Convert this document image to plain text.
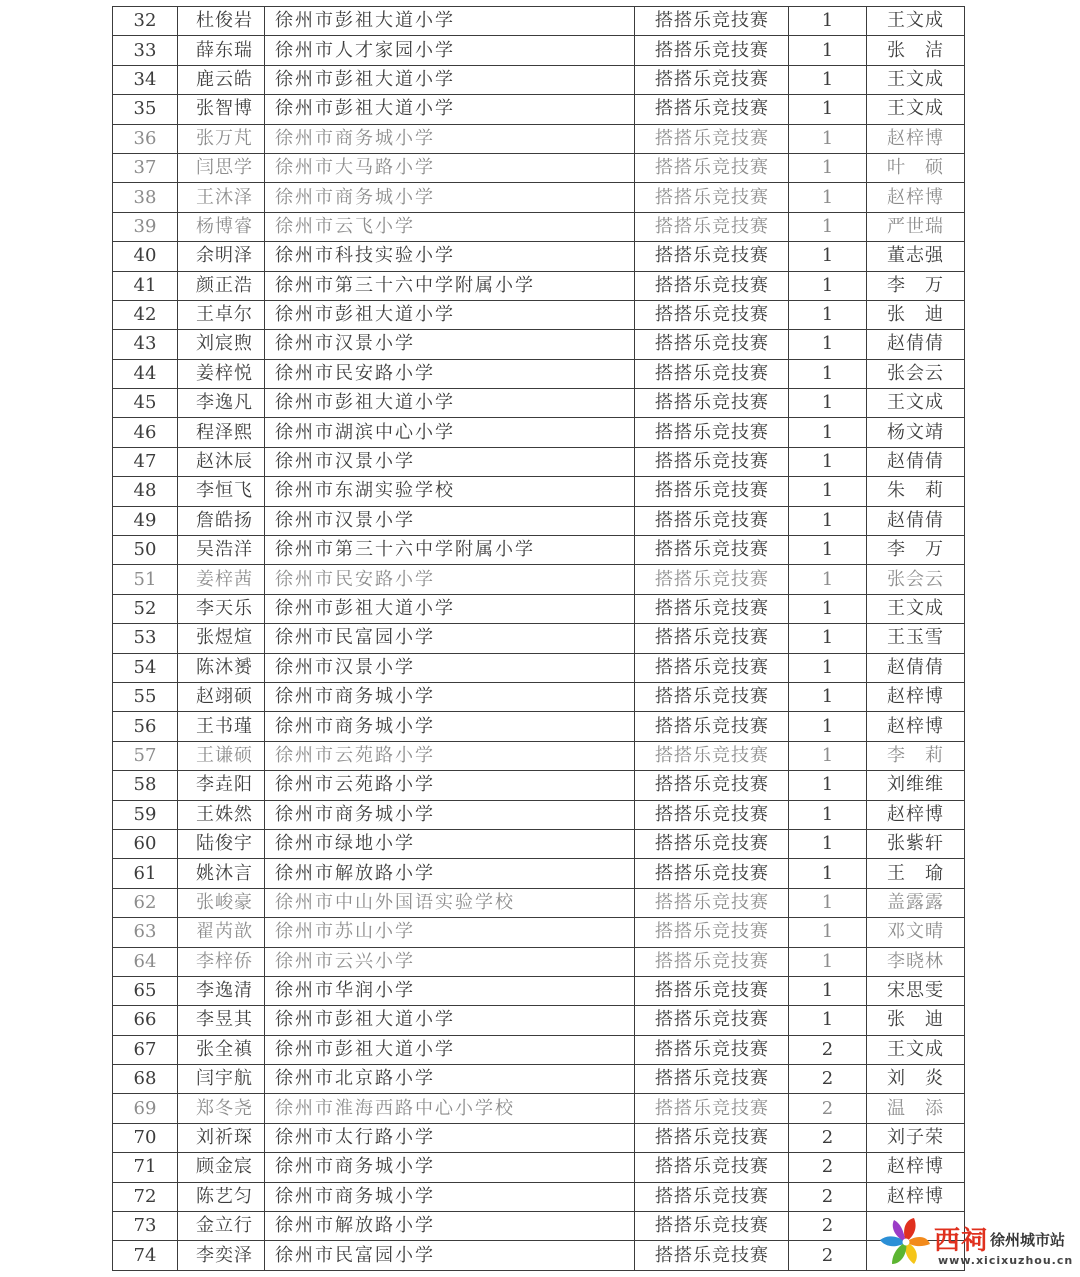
32	杜俊岩	徐州市彭祖大道小学	搭搭乐竞技赛	1	王文成
33	薛东瑞	徐州市人才家园小学	搭搭乐竞技赛	1	张　洁
34	鹿云皓	徐州市彭祖大道小学	搭搭乐竞技赛	1	王文成
35	张智博	徐州市彭祖大道小学	搭搭乐竞技赛	1	王文成
36	张万芃	徐州市商务城小学	搭搭乐竞技赛	1	赵梓博
37	闫思学	徐州市大马路小学	搭搭乐竞技赛	1	叶　硕
38	王沐泽	徐州市商务城小学	搭搭乐竞技赛	1	赵梓博
39	杨博睿	徐州市云飞小学	搭搭乐竞技赛	1	严世瑞
40	余明泽	徐州市科技实验小学	搭搭乐竞技赛	1	董志强
41	颜正浩	徐州市第三十六中学附属小学	搭搭乐竞技赛	1	李　万
42	王卓尔	徐州市彭祖大道小学	搭搭乐竞技赛	1	张　迪
43	刘宸煦	徐州市汉景小学	搭搭乐竞技赛	1	赵倩倩
44	姜梓悦	徐州市民安路小学	搭搭乐竞技赛	1	张会云
45	李逸凡	徐州市彭祖大道小学	搭搭乐竞技赛	1	王文成
46	程泽熙	徐州市湖滨中心小学	搭搭乐竞技赛	1	杨文靖
47	赵沐辰	徐州市汉景小学	搭搭乐竞技赛	1	赵倩倩
48	李恒飞	徐州市东湖实验学校	搭搭乐竞技赛	1	朱　莉
49	詹皓扬	徐州市汉景小学	搭搭乐竞技赛	1	赵倩倩
50	吴浩洋	徐州市第三十六中学附属小学	搭搭乐竞技赛	1	李　万
51	姜梓茜	徐州市民安路小学	搭搭乐竞技赛	1	张会云
52	李天乐	徐州市彭祖大道小学	搭搭乐竞技赛	1	王文成
53	张煜煊	徐州市民富园小学	搭搭乐竞技赛	1	王玉雪
54	陈沐赟	徐州市汉景小学	搭搭乐竞技赛	1	赵倩倩
55	赵翊硕	徐州市商务城小学	搭搭乐竞技赛	1	赵梓博
56	王书瑾	徐州市商务城小学	搭搭乐竞技赛	1	赵梓博
57	王谦硕	徐州市云苑路小学	搭搭乐竞技赛	1	李　莉
58	李垚阳	徐州市云苑路小学	搭搭乐竞技赛	1	刘维维
59	王姝然	徐州市商务城小学	搭搭乐竞技赛	1	赵梓博
60	陆俊宇	徐州市绿地小学	搭搭乐竞技赛	1	张紫轩
61	姚沐言	徐州市解放路小学	搭搭乐竞技赛	1	王　瑜
62	张峻豪	徐州市中山外国语实验学校	搭搭乐竞技赛	1	盖露露
63	翟芮歆	徐州市苏山小学	搭搭乐竞技赛	1	邓文晴
64	李梓侨	徐州市云兴小学	搭搭乐竞技赛	1	李晓林
65	李逸清	徐州市华润小学	搭搭乐竞技赛	1	宋思雯
66	李昱其	徐州市彭祖大道小学	搭搭乐竞技赛	1	张　迪
67	张全禛	徐州市彭祖大道小学	搭搭乐竞技赛	2	王文成
68	闫宇航	徐州市北京路小学	搭搭乐竞技赛	2	刘　炎
69	郑冬尧	徐州市淮海西路中心小学校	搭搭乐竞技赛	2	温　添
70	刘祈琛	徐州市太行路小学	搭搭乐竞技赛	2	刘子荣
71	顾金宸	徐州市商务城小学	搭搭乐竞技赛	2	赵梓博
72	陈艺匀	徐州市商务城小学	搭搭乐竞技赛	2	赵梓博
73	金立行	徐州市解放路小学	搭搭乐竞技赛	2	
74	李奕泽	徐州市民富园小学	搭搭乐竞技赛	2		西祠 徐州城市站
www.xicixuzhou.cn
